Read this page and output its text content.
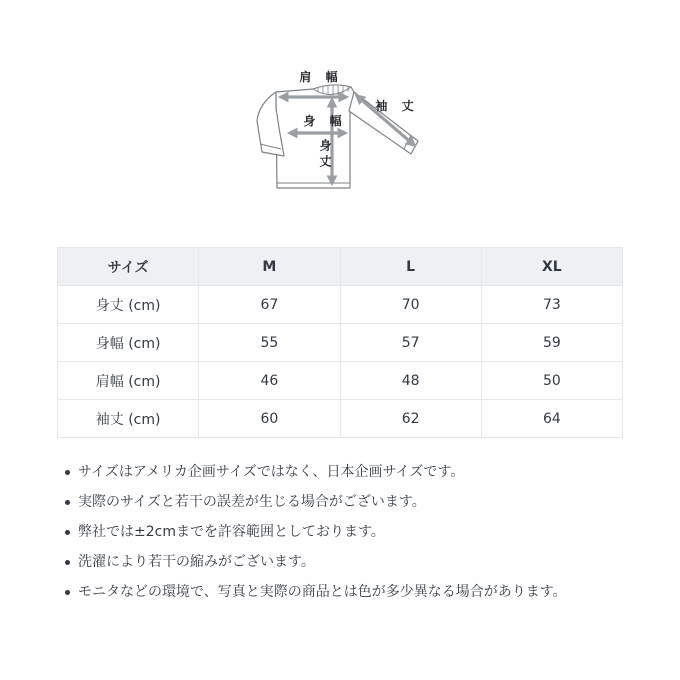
肩 幅
袖 丈
身 幅
身丈
サイズ	M	L	XL
身丈 (cm)	67	70	73
身幅 (cm)	55	57	59
肩幅 (cm)	46	48	50
袖丈 (cm)	60	62	64
サイズはアメリカ企画サイズではなく、日本企画サイズです。
実際のサイズと若干の誤差が生じる場合がございます。
弊社では±2cmまでを許容範囲としております。
洗濯により若干の縮みがございます。
モニタなどの環境で、写真と実際の商品とは色が多少異なる場合があります。
